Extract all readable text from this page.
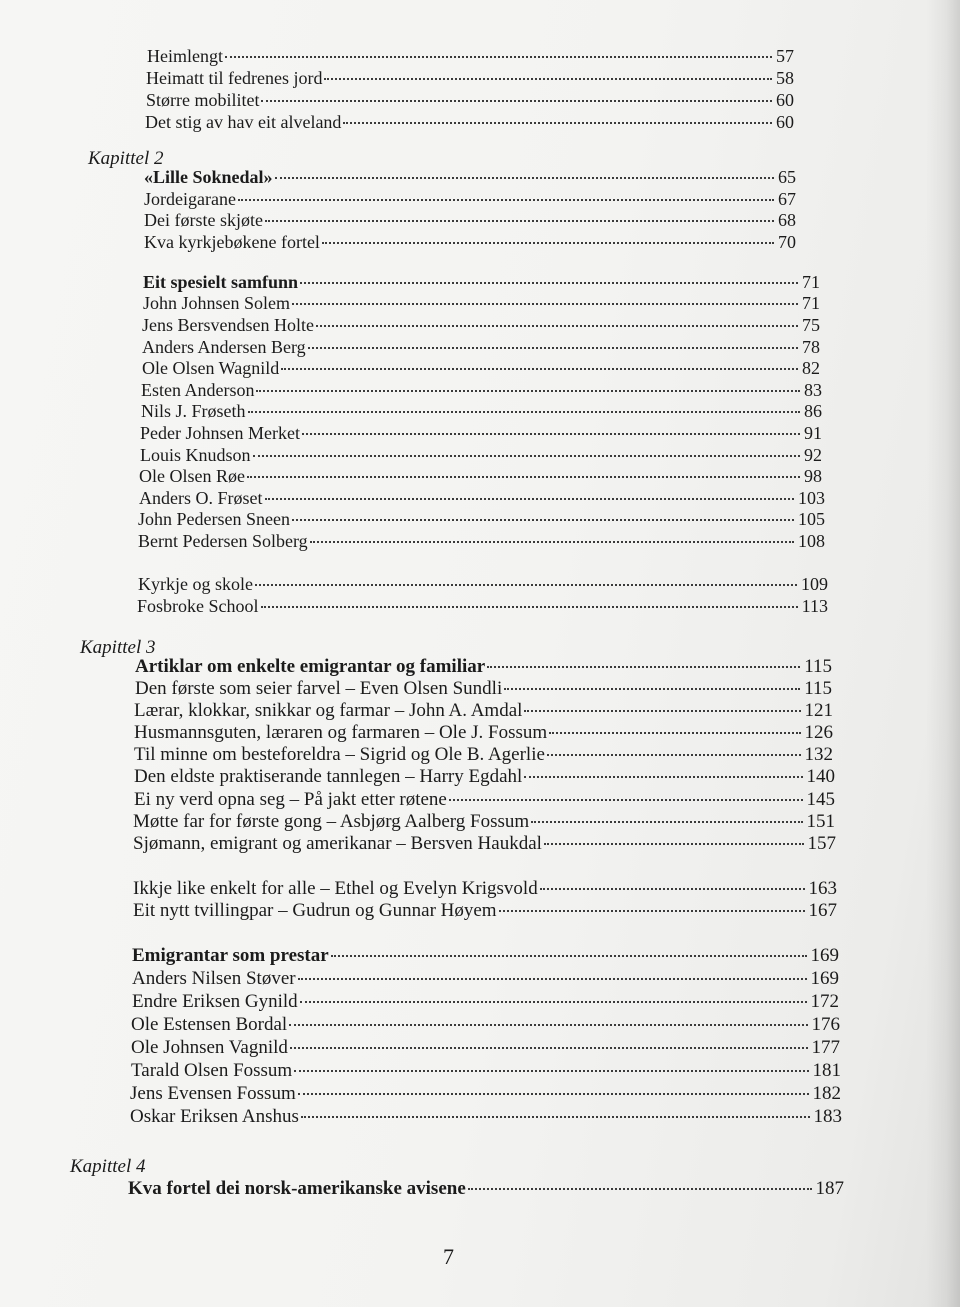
Heimlengt	57
Heimatt til fedrenes jord	58
Større mobilitet	60
Det stig av hav eit alveland	60
Kapittel 2
«Lille Soknedal»	65
Jordeigarane	67
Dei første skjøte	68
Kva kyrkjebøkene fortel	70
Eit spesielt samfunn	71
John Johnsen Solem	71
Jens Bersvendsen Holte	75
Anders Andersen Berg	78
Ole Olsen Wagnild	82
Esten Anderson	83
Nils J. Frøseth	86
Peder Johnsen Merket	91
Louis Knudson	92
Ole Olsen Røe	98
Anders O. Frøset	103
John Pedersen Sneen	105
Bernt Pedersen Solberg	108
Kyrkje og skole	109
Fosbroke School	113
Kapittel 3
Artiklar om enkelte emigrantar og familiar	115
Den første som seier farvel – Even Olsen Sundli	115
Lærar, klokkar, snikkar og farmar – John A. Amdal	121
Husmannsguten, læraren og farmaren – Ole J. Fossum	126
Til minne om besteforeldra – Sigrid og Ole B. Agerlie	132
Den eldste praktiserande tannlegen – Harry Egdahl	140
Ei ny verd opna seg – På jakt etter røtene	145
Møtte far for første gong – Asbjørg Aalberg Fossum	151
Sjømann, emigrant og amerikanar – Bersven Haukdal	157
Ikkje like enkelt for alle – Ethel og Evelyn Krigsvold	163
Eit nytt tvillingpar – Gudrun og Gunnar Høyem	167
Emigrantar som prestar	169
Anders Nilsen Støver	169
Endre Eriksen Gynild	172
Ole Estensen Bordal	176
Ole Johnsen Vagnild	177
Tarald Olsen Fossum	181
Jens Evensen Fossum	182
Oskar Eriksen Anshus	183
Kapittel 4
Kva fortel dei norsk-amerikanske avisene	187
7
